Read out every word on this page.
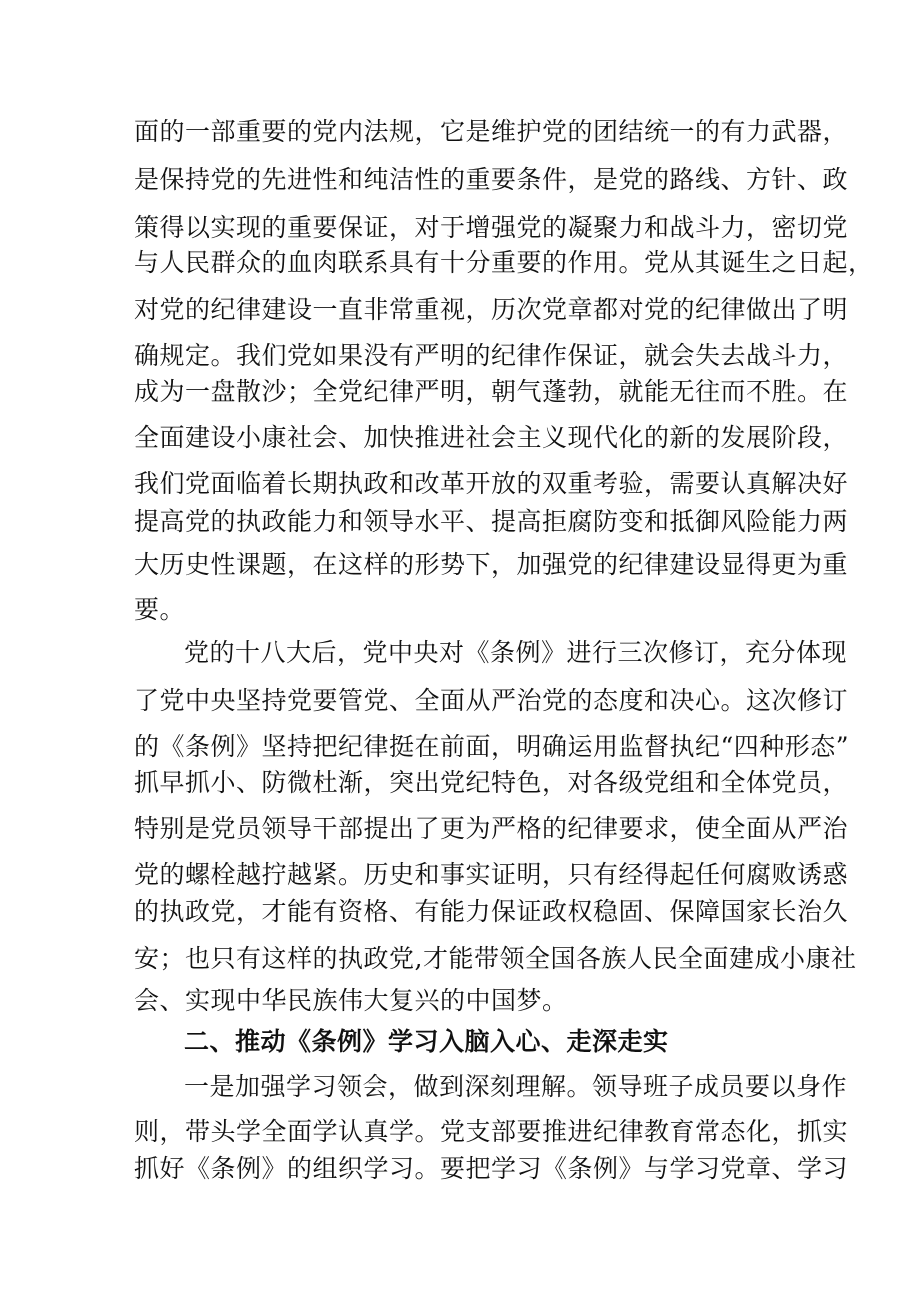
面的一部重要的党内法规，它是维护党的团结统一的有力武器，
是保持党的先进性和纯洁性的重要条件，是党的路线、方针、政
策得以实现的重要保证，对于增强党的凝聚力和战斗力，密切党
与人民群众的血肉联系具有十分重要的作用。党从其诞生之日起，
对党的纪律建设一直非常重视，历次党章都对党的纪律做出了明
确规定。我们党如果没有严明的纪律作保证，就会失去战斗力，
成为一盘散沙；全党纪律严明，朝气蓬勃，就能无往而不胜。在
全面建设小康社会、加快推进社会主义现代化的新的发展阶段，
我们党面临着长期执政和改革开放的双重考验，需要认真解决好
提高党的执政能力和领导水平、提高拒腐防变和抵御风险能力两
大历史性课题，在这样的形势下，加强党的纪律建设显得更为重
要。
党的十八大后，党中央对《条例》进行三次修订，充分体现
了党中央坚持党要管党、全面从严治党的态度和决心。这次修订
的《条例》坚持把纪律挺在前面，明确运用监督执纪“四种形态”
抓早抓小、防微杜渐，突出党纪特色，对各级党组和全体党员，
特别是党员领导干部提出了更为严格的纪律要求，使全面从严治
党的螺栓越拧越紧。历史和事实证明，只有经得起任何腐败诱惑
的执政党，才能有资格、有能力保证政权稳固、保障国家长治久
安；也只有这样的执政党,才能带领全国各族人民全面建成小康社
会、实现中华民族伟大复兴的中国梦。
二、推动《条例》学习入脑入心、走深走实
一是加强学习领会，做到深刻理解。领导班子成员要以身作
则，带头学全面学认真学。党支部要推进纪律教育常态化，抓实
抓好《条例》的组织学习。要把学习《条例》与学习党章、学习
